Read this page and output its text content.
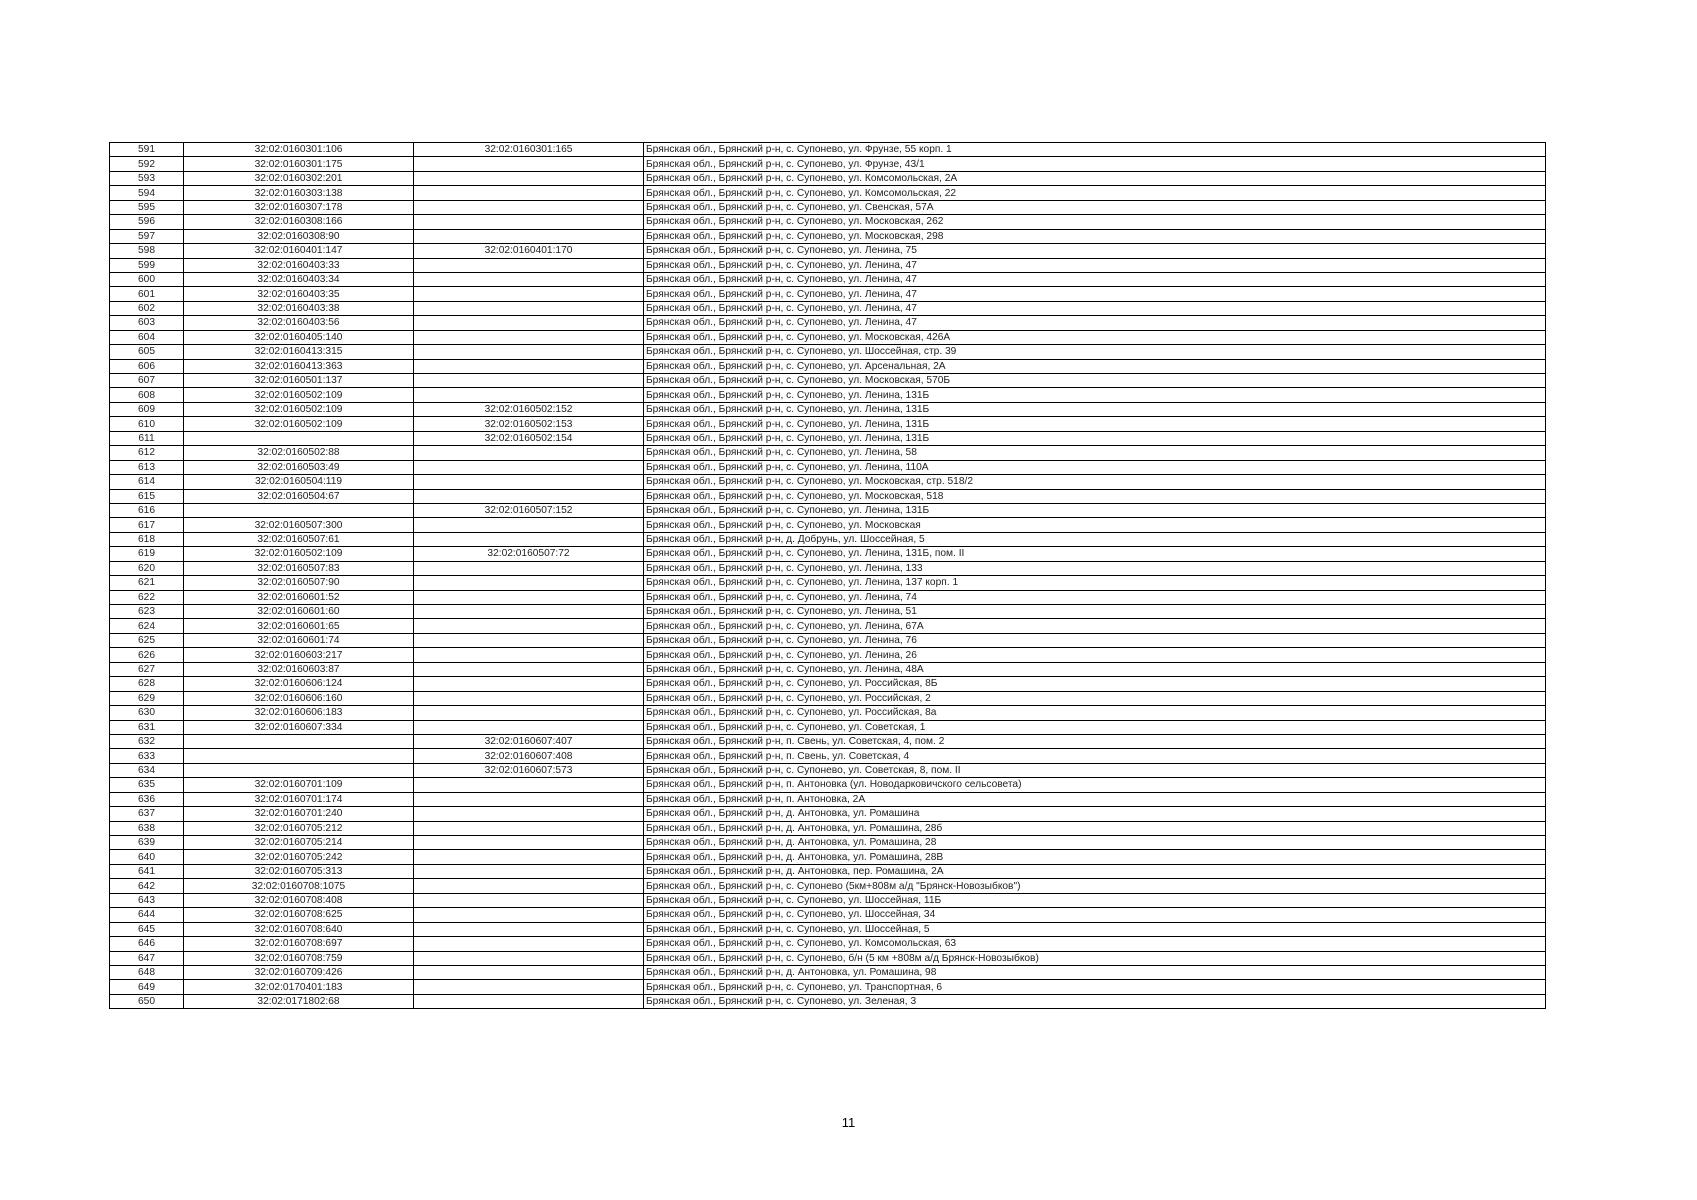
591	32:02:0160301:106	32:02:0160301:165	Брянская обл., Брянский р-н, с. Супонево, ул. Фрунзе, 55 корп. 1
592	32:02:0160301:175		Брянская обл., Брянский р-н, с. Супонево, ул. Фрунзе, 43/1
593	32:02:0160302:201		Брянская обл., Брянский р-н, с. Супонево, ул. Комсомольская, 2А
594	32:02:0160303:138		Брянская обл., Брянский р-н, с. Супонево, ул. Комсомольская, 22
595	32:02:0160307:178		Брянская обл., Брянский р-н, с. Супонево, ул. Свенская, 57А
596	32:02:0160308:166		Брянская обл., Брянский р-н, с. Супонево, ул. Московская, 262
597	32:02:0160308:90		Брянская обл., Брянский р-н, с. Супонево, ул. Московская, 298
598	32:02:0160401:147	32:02:0160401:170	Брянская обл., Брянский р-н, с. Супонево, ул. Ленина, 75
599	32:02:0160403:33		Брянская обл., Брянский р-н, с. Супонево, ул. Ленина, 47
600	32:02:0160403:34		Брянская обл., Брянский р-н, с. Супонево, ул. Ленина, 47
601	32:02:0160403:35		Брянская обл., Брянский р-н, с. Супонево, ул. Ленина, 47
602	32:02:0160403:38		Брянская обл., Брянский р-н, с. Супонево, ул. Ленина, 47
603	32:02:0160403:56		Брянская обл., Брянский р-н, с. Супонево, ул. Ленина, 47
604	32:02:0160405:140		Брянская обл., Брянский р-н, с. Супонево, ул. Московская, 426А
605	32:02:0160413:315		Брянская обл., Брянский р-н, с. Супонево, ул. Шоссейная, стр. 39
606	32:02:0160413:363		Брянская обл., Брянский р-н, с. Супонево, ул. Арсенальная, 2А
607	32:02:0160501:137		Брянская обл., Брянский р-н, с. Супонево, ул. Московская, 570Б
608	32:02:0160502:109		Брянская обл., Брянский р-н, с. Супонево, ул. Ленина, 131Б
609	32:02:0160502:109	32:02:0160502:152	Брянская обл., Брянский р-н, с. Супонево, ул. Ленина, 131Б
610	32:02:0160502:109	32:02:0160502:153	Брянская обл., Брянский р-н, с. Супонево, ул. Ленина, 131Б
611		32:02:0160502:154	Брянская обл., Брянский р-н, с. Супонево, ул. Ленина, 131Б
612	32:02:0160502:88		Брянская обл., Брянский р-н, с. Супонево, ул. Ленина, 58
613	32:02:0160503:49		Брянская обл., Брянский р-н, с. Супонево, ул. Ленина, 110А
614	32:02:0160504:119		Брянская обл., Брянский р-н, с. Супонево, ул. Московская, стр. 518/2
615	32:02:0160504:67		Брянская обл., Брянский р-н, с. Супонево, ул. Московская, 518
616		32:02:0160507:152	Брянская обл., Брянский р-н, с. Супонево, ул. Ленина, 131Б
617	32:02:0160507:300		Брянская обл., Брянский р-н, с. Супонево, ул. Московская
618	32:02:0160507:61		Брянская обл., Брянский р-н, д. Добрунь, ул. Шоссейная, 5
619	32:02:0160502:109	32:02:0160507:72	Брянская обл., Брянский р-н, с. Супонево, ул. Ленина, 131Б, пом. II
620	32:02:0160507:83		Брянская обл., Брянский р-н, с. Супонево, ул. Ленина, 133
621	32:02:0160507:90		Брянская обл., Брянский р-н, с. Супонево, ул. Ленина, 137 корп. 1
622	32:02:0160601:52		Брянская обл., Брянский р-н, с. Супонево, ул. Ленина, 74
623	32:02:0160601:60		Брянская обл., Брянский р-н, с. Супонево, ул. Ленина, 51
624	32:02:0160601:65		Брянская обл., Брянский р-н, с. Супонево, ул. Ленина, 67А
625	32:02:0160601:74		Брянская обл., Брянский р-н, с. Супонево, ул. Ленина, 76
626	32:02:0160603:217		Брянская обл., Брянский р-н, с. Супонево, ул. Ленина, 26
627	32:02:0160603:87		Брянская обл., Брянский р-н, с. Супонево, ул. Ленина, 48А
628	32:02:0160606:124		Брянская обл., Брянский р-н, с. Супонево, ул. Российская, 8Б
629	32:02:0160606:160		Брянская обл., Брянский р-н, с. Супонево, ул. Российская, 2
630	32:02:0160606:183		Брянская обл., Брянский р-н, с. Супонево, ул. Российская, 8а
631	32:02:0160607:334		Брянская обл., Брянский р-н, с. Супонево, ул. Советская, 1
632		32:02:0160607:407	Брянская обл., Брянский р-н, п. Свень, ул. Советская, 4, пом. 2
633		32:02:0160607:408	Брянская обл., Брянский р-н, п. Свень, ул. Советская, 4
634		32:02:0160607:573	Брянская обл., Брянский р-н, с. Супонево, ул. Советская, 8, пом. II
635	32:02:0160701:109		Брянская обл., Брянский р-н, п. Антоновка (ул. Новодарковичского сельсовета)
636	32:02:0160701:174		Брянская обл., Брянский р-н, п. Антоновка, 2А
637	32:02:0160701:240		Брянская обл., Брянский р-н, д. Антоновка, ул. Ромашина
638	32:02:0160705:212		Брянская обл., Брянский р-н, д. Антоновка, ул. Ромашина, 28б
639	32:02:0160705:214		Брянская обл., Брянский р-н, д. Антоновка, ул. Ромашина, 28
640	32:02:0160705:242		Брянская обл., Брянский р-н, д. Антоновка, ул. Ромашина, 28В
641	32:02:0160705:313		Брянская обл., Брянский р-н, д. Антоновка, пер. Ромашина, 2А
642	32:02:0160708:1075		Брянская обл., Брянский р-н, с. Супонево (5км+808м а/д "Брянск-Новозыбков")
643	32:02:0160708:408		Брянская обл., Брянский р-н, с. Супонево, ул. Шоссейная, 11Б
644	32:02:0160708:625		Брянская обл., Брянский р-н, с. Супонево, ул. Шоссейная, 34
645	32:02:0160708:640		Брянская обл., Брянский р-н, с. Супонево, ул. Шоссейная, 5
646	32:02:0160708:697		Брянская обл., Брянский р-н, с. Супонево, ул. Комсомольская, 63
647	32:02:0160708:759		Брянская обл., Брянский р-н, с. Супонево, б/н (5 км +808м а/д Брянск-Новозыбков)
648	32:02:0160709:426		Брянская обл., Брянский р-н, д. Антоновка, ул. Ромашина, 98
649	32:02:0170401:183		Брянская обл., Брянский р-н, с. Супонево, ул. Транспортная, 6
650	32:02:0171802:68		Брянская обл., Брянский р-н, с. Супонево, ул. Зеленая, 3
11
